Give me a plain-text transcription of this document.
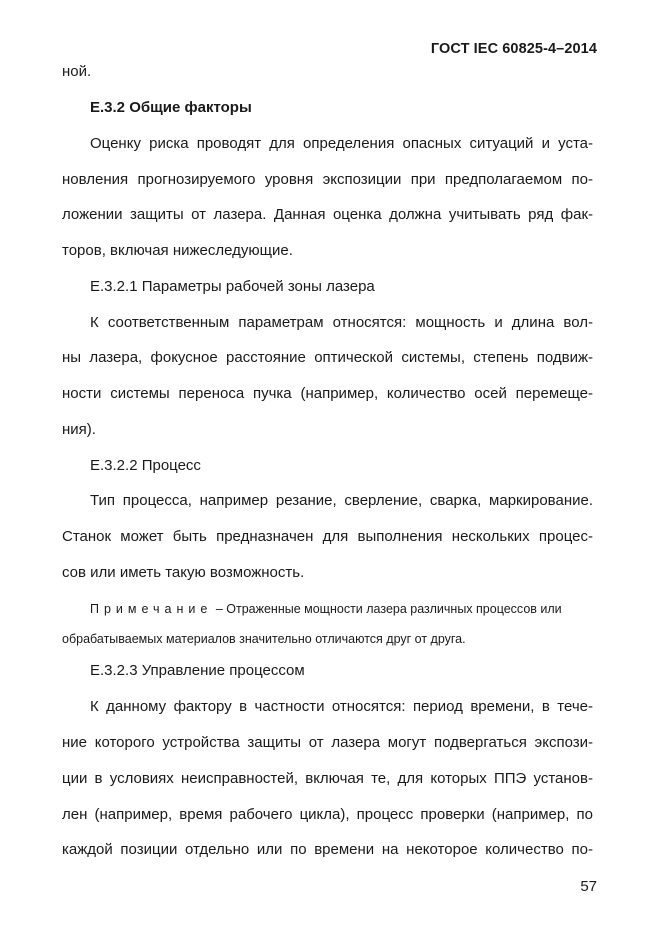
ГОСТ IEC 60825-4–2014
ной.
Е.3.2 Общие факторы
Оценку риска проводят для определения опасных ситуаций и уста-
новления прогнозируемого уровня экспозиции при предполагаемом по-
ложении защиты от лазера. Данная оценка должна учитывать ряд фак-
торов, включая нижеследующие.
Е.3.2.1 Параметры рабочей зоны лазера
К соответственным параметрам относятся: мощность и длина вол-
ны лазера, фокусное расстояние оптической системы, степень подвиж-
ности системы переноса пучка (например, количество осей перемеще-
ния).
Е.3.2.2 Процесс
Тип процесса, например резание, сверление, сварка, маркирование.
Станок может быть предназначен для выполнения нескольких процес-
сов или иметь такую возможность.
Примечание – Отраженные мощности лазера различных процессов или
обрабатываемых материалов значительно отличаются друг от друга.
Е.3.2.3 Управление процессом
К данному фактору в частности относятся: период времени, в тече-
ние которого устройства защиты от лазера могут подвергаться экспози-
ции в условиях неисправностей, включая те, для которых ППЭ установ-
лен (например, время рабочего цикла), процесс проверки (например, по
каждой позиции отдельно или по времени на некоторое количество по-
57
